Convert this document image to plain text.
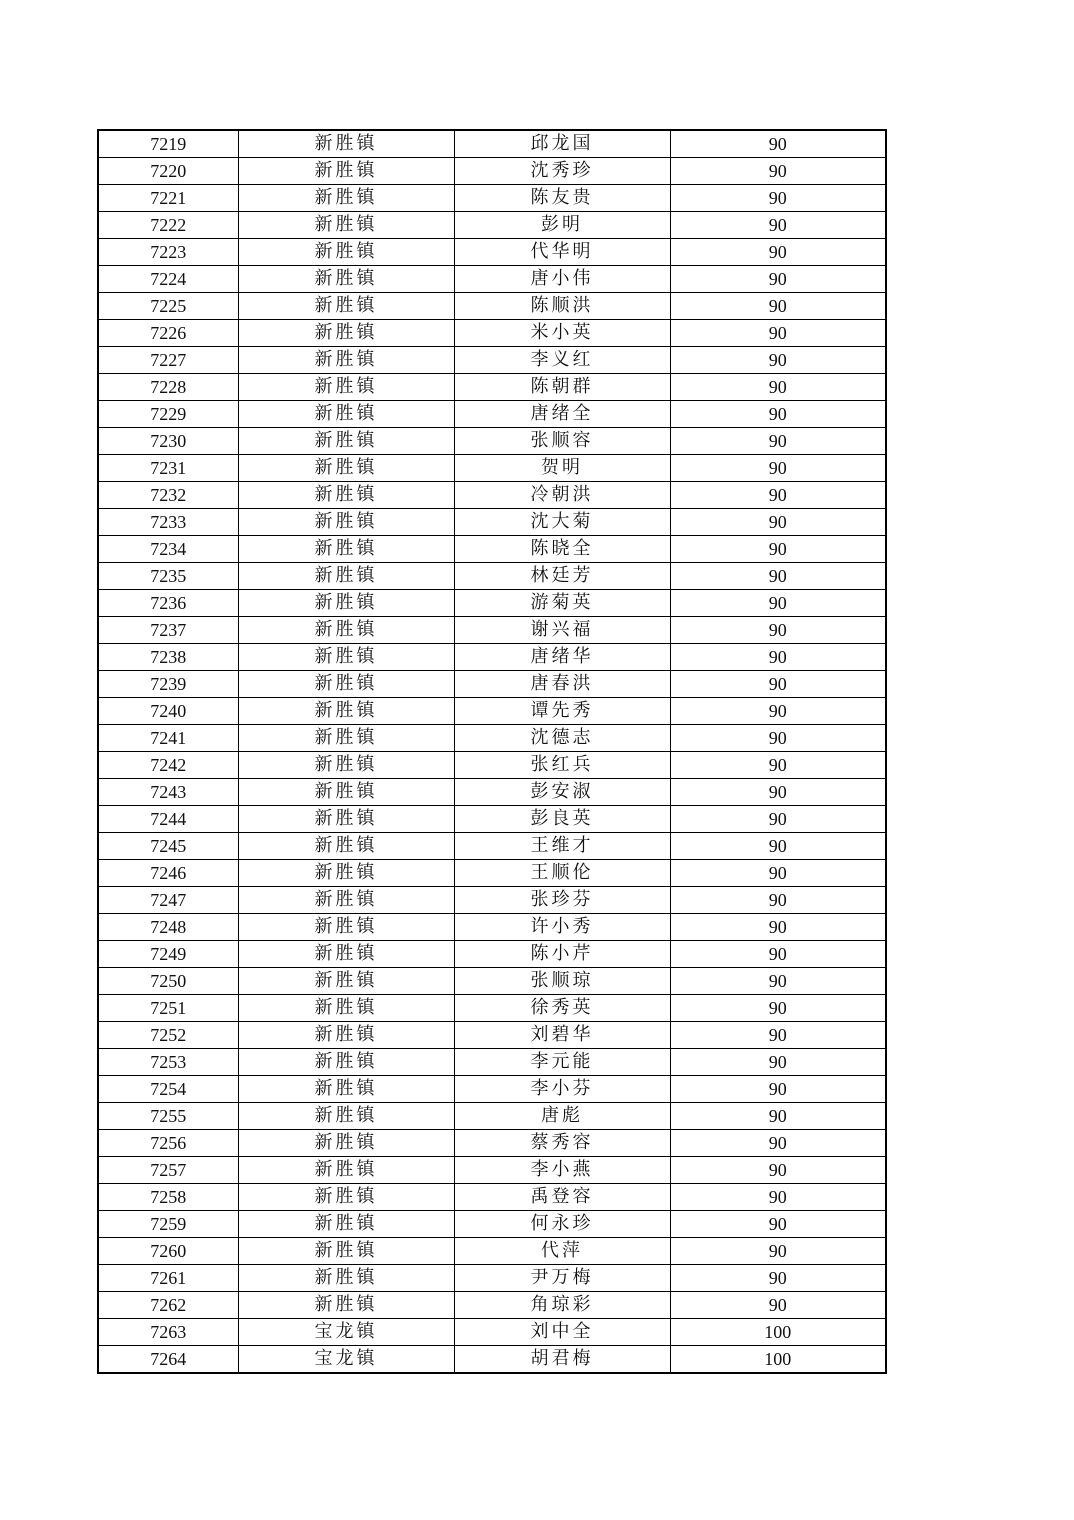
7219	新胜镇	邱龙国	90
7220	新胜镇	沈秀珍	90
7221	新胜镇	陈友贵	90
7222	新胜镇	彭明	90
7223	新胜镇	代华明	90
7224	新胜镇	唐小伟	90
7225	新胜镇	陈顺洪	90
7226	新胜镇	米小英	90
7227	新胜镇	李义红	90
7228	新胜镇	陈朝群	90
7229	新胜镇	唐绪全	90
7230	新胜镇	张顺容	90
7231	新胜镇	贺明	90
7232	新胜镇	冷朝洪	90
7233	新胜镇	沈大菊	90
7234	新胜镇	陈晓全	90
7235	新胜镇	林廷芳	90
7236	新胜镇	游菊英	90
7237	新胜镇	谢兴福	90
7238	新胜镇	唐绪华	90
7239	新胜镇	唐春洪	90
7240	新胜镇	谭先秀	90
7241	新胜镇	沈德志	90
7242	新胜镇	张红兵	90
7243	新胜镇	彭安淑	90
7244	新胜镇	彭良英	90
7245	新胜镇	王维才	90
7246	新胜镇	王顺伦	90
7247	新胜镇	张珍芬	90
7248	新胜镇	许小秀	90
7249	新胜镇	陈小芹	90
7250	新胜镇	张顺琼	90
7251	新胜镇	徐秀英	90
7252	新胜镇	刘碧华	90
7253	新胜镇	李元能	90
7254	新胜镇	李小芬	90
7255	新胜镇	唐彪	90
7256	新胜镇	蔡秀容	90
7257	新胜镇	李小燕	90
7258	新胜镇	禹登容	90
7259	新胜镇	何永珍	90
7260	新胜镇	代萍	90
7261	新胜镇	尹万梅	90
7262	新胜镇	角琼彩	90
7263	宝龙镇	刘中全	100
7264	宝龙镇	胡君梅	100
